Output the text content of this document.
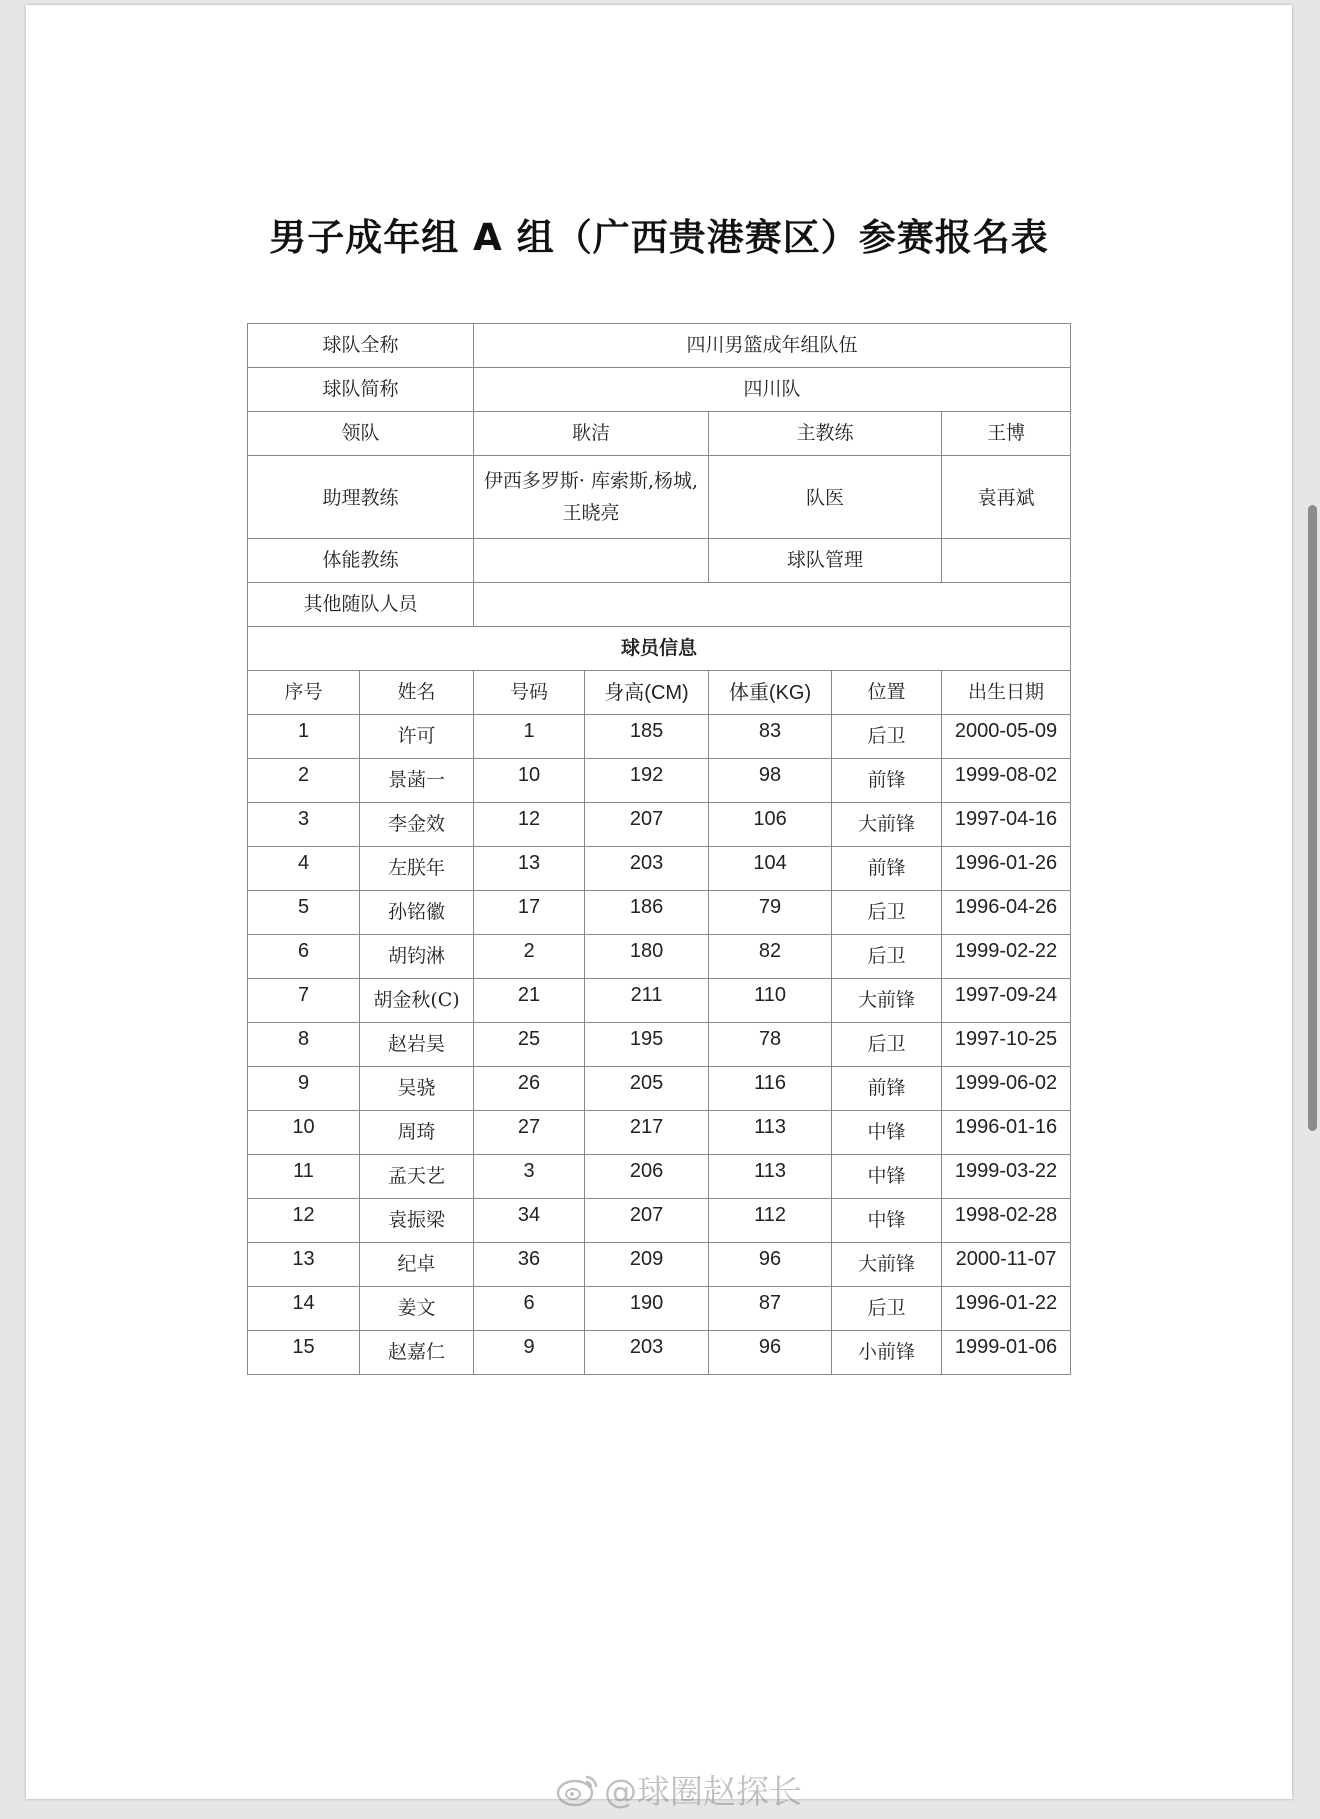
男子成年组 A 组（广西贵港赛区）参赛报名表
球队全称		四川男篮成年组队伍				
球队简称		四川队				
领队		耿洁		主教练		王博
助理教练		伊西多罗斯· 库索斯,杨城,王晓亮		队医		袁再斌
体能教练				球队管理		
其他随队人员						
球员信息						
序号	姓名	号码	身高(CM)	体重(KG)	位置	出生日期
1	许可	1	185	83	后卫	2000-05-09
2	景菡一	10	192	98	前锋	1999-08-02
3	李金效	12	207	106	大前锋	1997-04-16
4	左朕年	13	203	104	前锋	1996-01-26
5	孙铭徽	17	186	79	后卫	1996-04-26
6	胡钧淋	2	180	82	后卫	1999-02-22
7	胡金秋(C)	21	211	110	大前锋	1997-09-24
8	赵岩昊	25	195	78	后卫	1997-10-25
9	吴骁	26	205	116	前锋	1999-06-02
10	周琦	27	217	113	中锋	1996-01-16
11	孟天艺	3	206	113	中锋	1999-03-22
12	袁振梁	34	207	112	中锋	1998-02-28
13	纪卓	36	209	96	大前锋	2000-11-07
14	姜文	6	190	87	后卫	1996-01-22
15	赵嘉仁	9	203	96	小前锋	1999-01-06
@球圈赵探长
